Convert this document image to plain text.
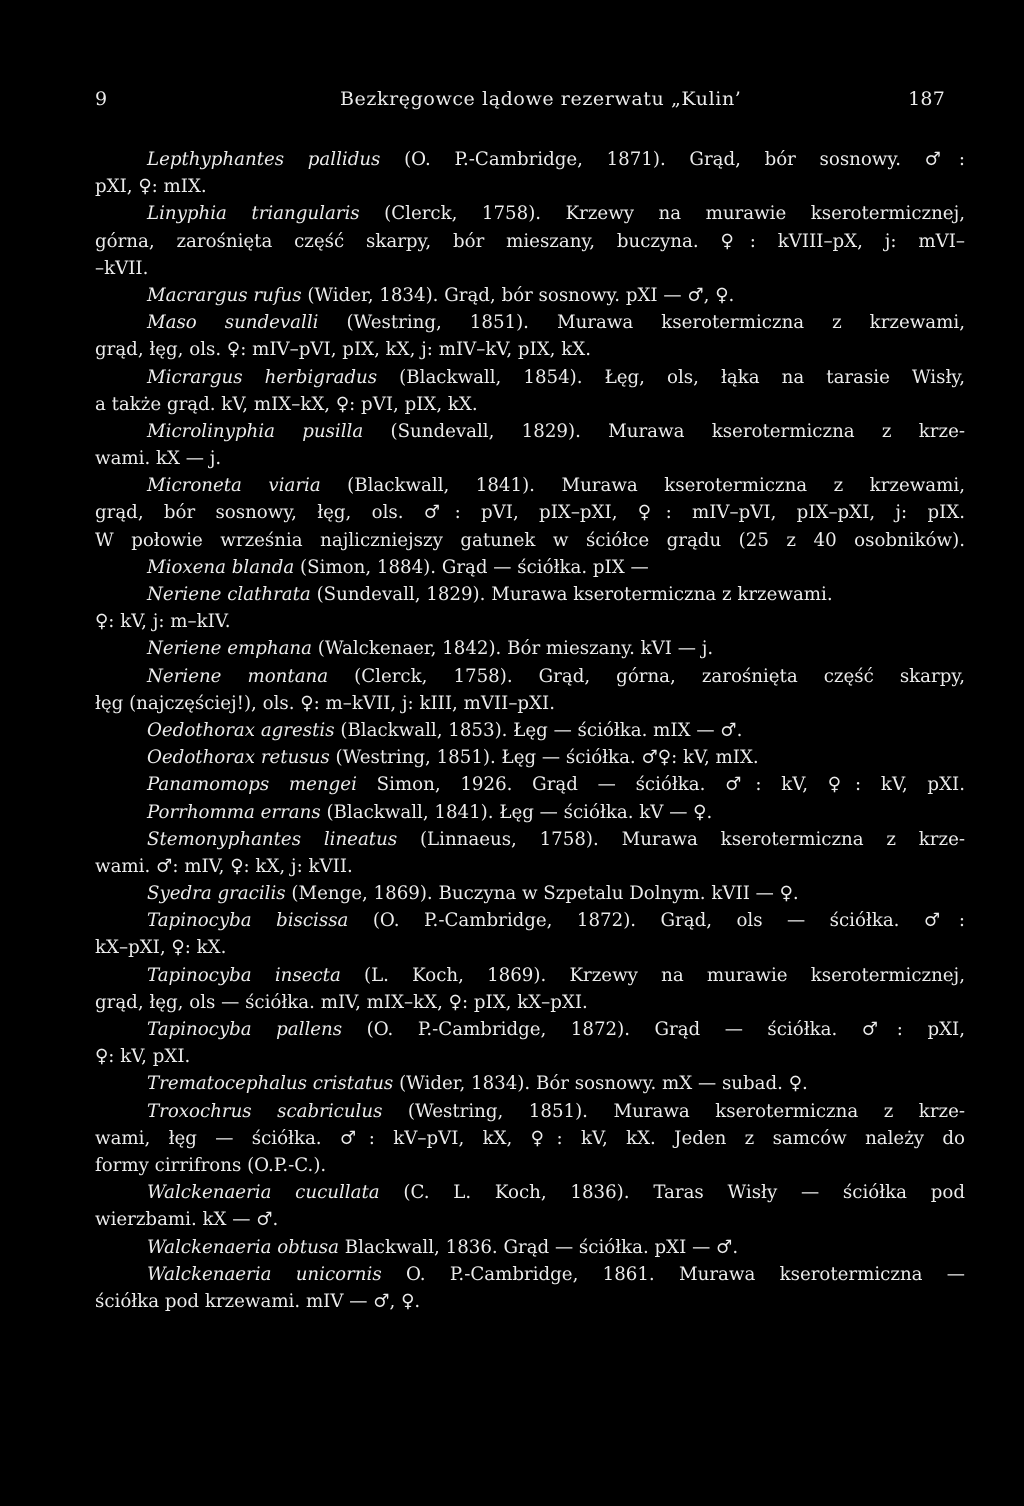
9	Bezkręgowce lądowe rezerwatu „Kulin’	187
Lepthyphantes pallidus (O. P.-Cambridge, 1871). Grąd, bór sosnowy. ♂:
pXI, ♀: mIX.
Linyphia triangularis (Clerck, 1758). Krzewy na murawie kserotermicznej,
górna, zarośnięta część skarpy, bór mieszany, buczyna. ♀: kVIII–pX, j: mVI–
–kVII.
Macrargus rufus (Wider, 1834). Grąd, bór sosnowy. pXI — ♂, ♀.
Maso sundevalli (Westring, 1851). Murawa kserotermiczna z krzewami,
grąd, łęg, ols. ♀: mIV–pVI, pIX, kX, j: mIV–kV, pIX, kX.
Micrargus herbigradus (Blackwall, 1854). Łęg, ols, łąka na tarasie Wisły,
a także grąd. kV, mIX–kX, ♀: pVI, pIX, kX.
Microlinyphia pusilla (Sundevall, 1829). Murawa kserotermiczna z krze-
wami. kX — j.
Microneta viaria (Blackwall, 1841). Murawa kserotermiczna z krzewami,
grąd, bór sosnowy, łęg, ols. ♂: pVI, pIX–pXI, ♀: mIV–pVI, pIX–pXI, j: pIX.
W połowie września najliczniejszy gatunek w ściółce grądu (25 z 40 osobników).
Mioxena blanda (Simon, 1884). Grąd — ściółka. pIX —
Neriene clathrata (Sundevall, 1829). Murawa kserotermiczna z krzewami.
♀: kV, j: m–kIV.
Neriene emphana (Walckenaer, 1842). Bór mieszany. kVI — j.
Neriene montana (Clerck, 1758). Grąd, górna, zarośnięta część skarpy,
łęg (najczęściej!), ols. ♀: m–kVII, j: kIII, mVII–pXI.
Oedothorax agrestis (Blackwall, 1853). Łęg — ściółka. mIX — ♂.
Oedothorax retusus (Westring, 1851). Łęg — ściółka. ♂♀: kV, mIX.
Panamomops mengei Simon, 1926. Grąd — ściółka. ♂: kV, ♀: kV, pXI.
Porrhomma errans (Blackwall, 1841). Łęg — ściółka. kV — ♀.
Stemonyphantes lineatus (Linnaeus, 1758). Murawa kserotermiczna z krze-
wami. ♂: mIV, ♀: kX, j: kVII.
Syedra gracilis (Menge, 1869). Buczyna w Szpetalu Dolnym. kVII — ♀.
Tapinocyba biscissa (O. P.-Cambridge, 1872). Grąd, ols — ściółka. ♂:
kX–pXI, ♀: kX.
Tapinocyba insecta (L. Koch, 1869). Krzewy na murawie kserotermicznej,
grąd, łęg, ols — ściółka. mIV, mIX–kX, ♀: pIX, kX–pXI.
Tapinocyba pallens (O. P.-Cambridge, 1872). Grąd — ściółka. ♂: pXI,
♀: kV, pXI.
Trematocephalus cristatus (Wider, 1834). Bór sosnowy. mX — subad. ♀.
Troxochrus scabriculus (Westring, 1851). Murawa kserotermiczna z krze-
wami, łęg — ściółka. ♂: kV–pVI, kX, ♀: kV, kX. Jeden z samców należy do
formy cirrifrons (O.P.-C.).
Walckenaeria cucullata (C. L. Koch, 1836). Taras Wisły — ściółka pod
wierzbami. kX — ♂.
Walckenaeria obtusa Blackwall, 1836. Grąd — ściółka. pXI — ♂.
Walckenaeria unicornis O. P.-Cambridge, 1861. Murawa kserotermiczna —
ściółka pod krzewami. mIV — ♂, ♀.
